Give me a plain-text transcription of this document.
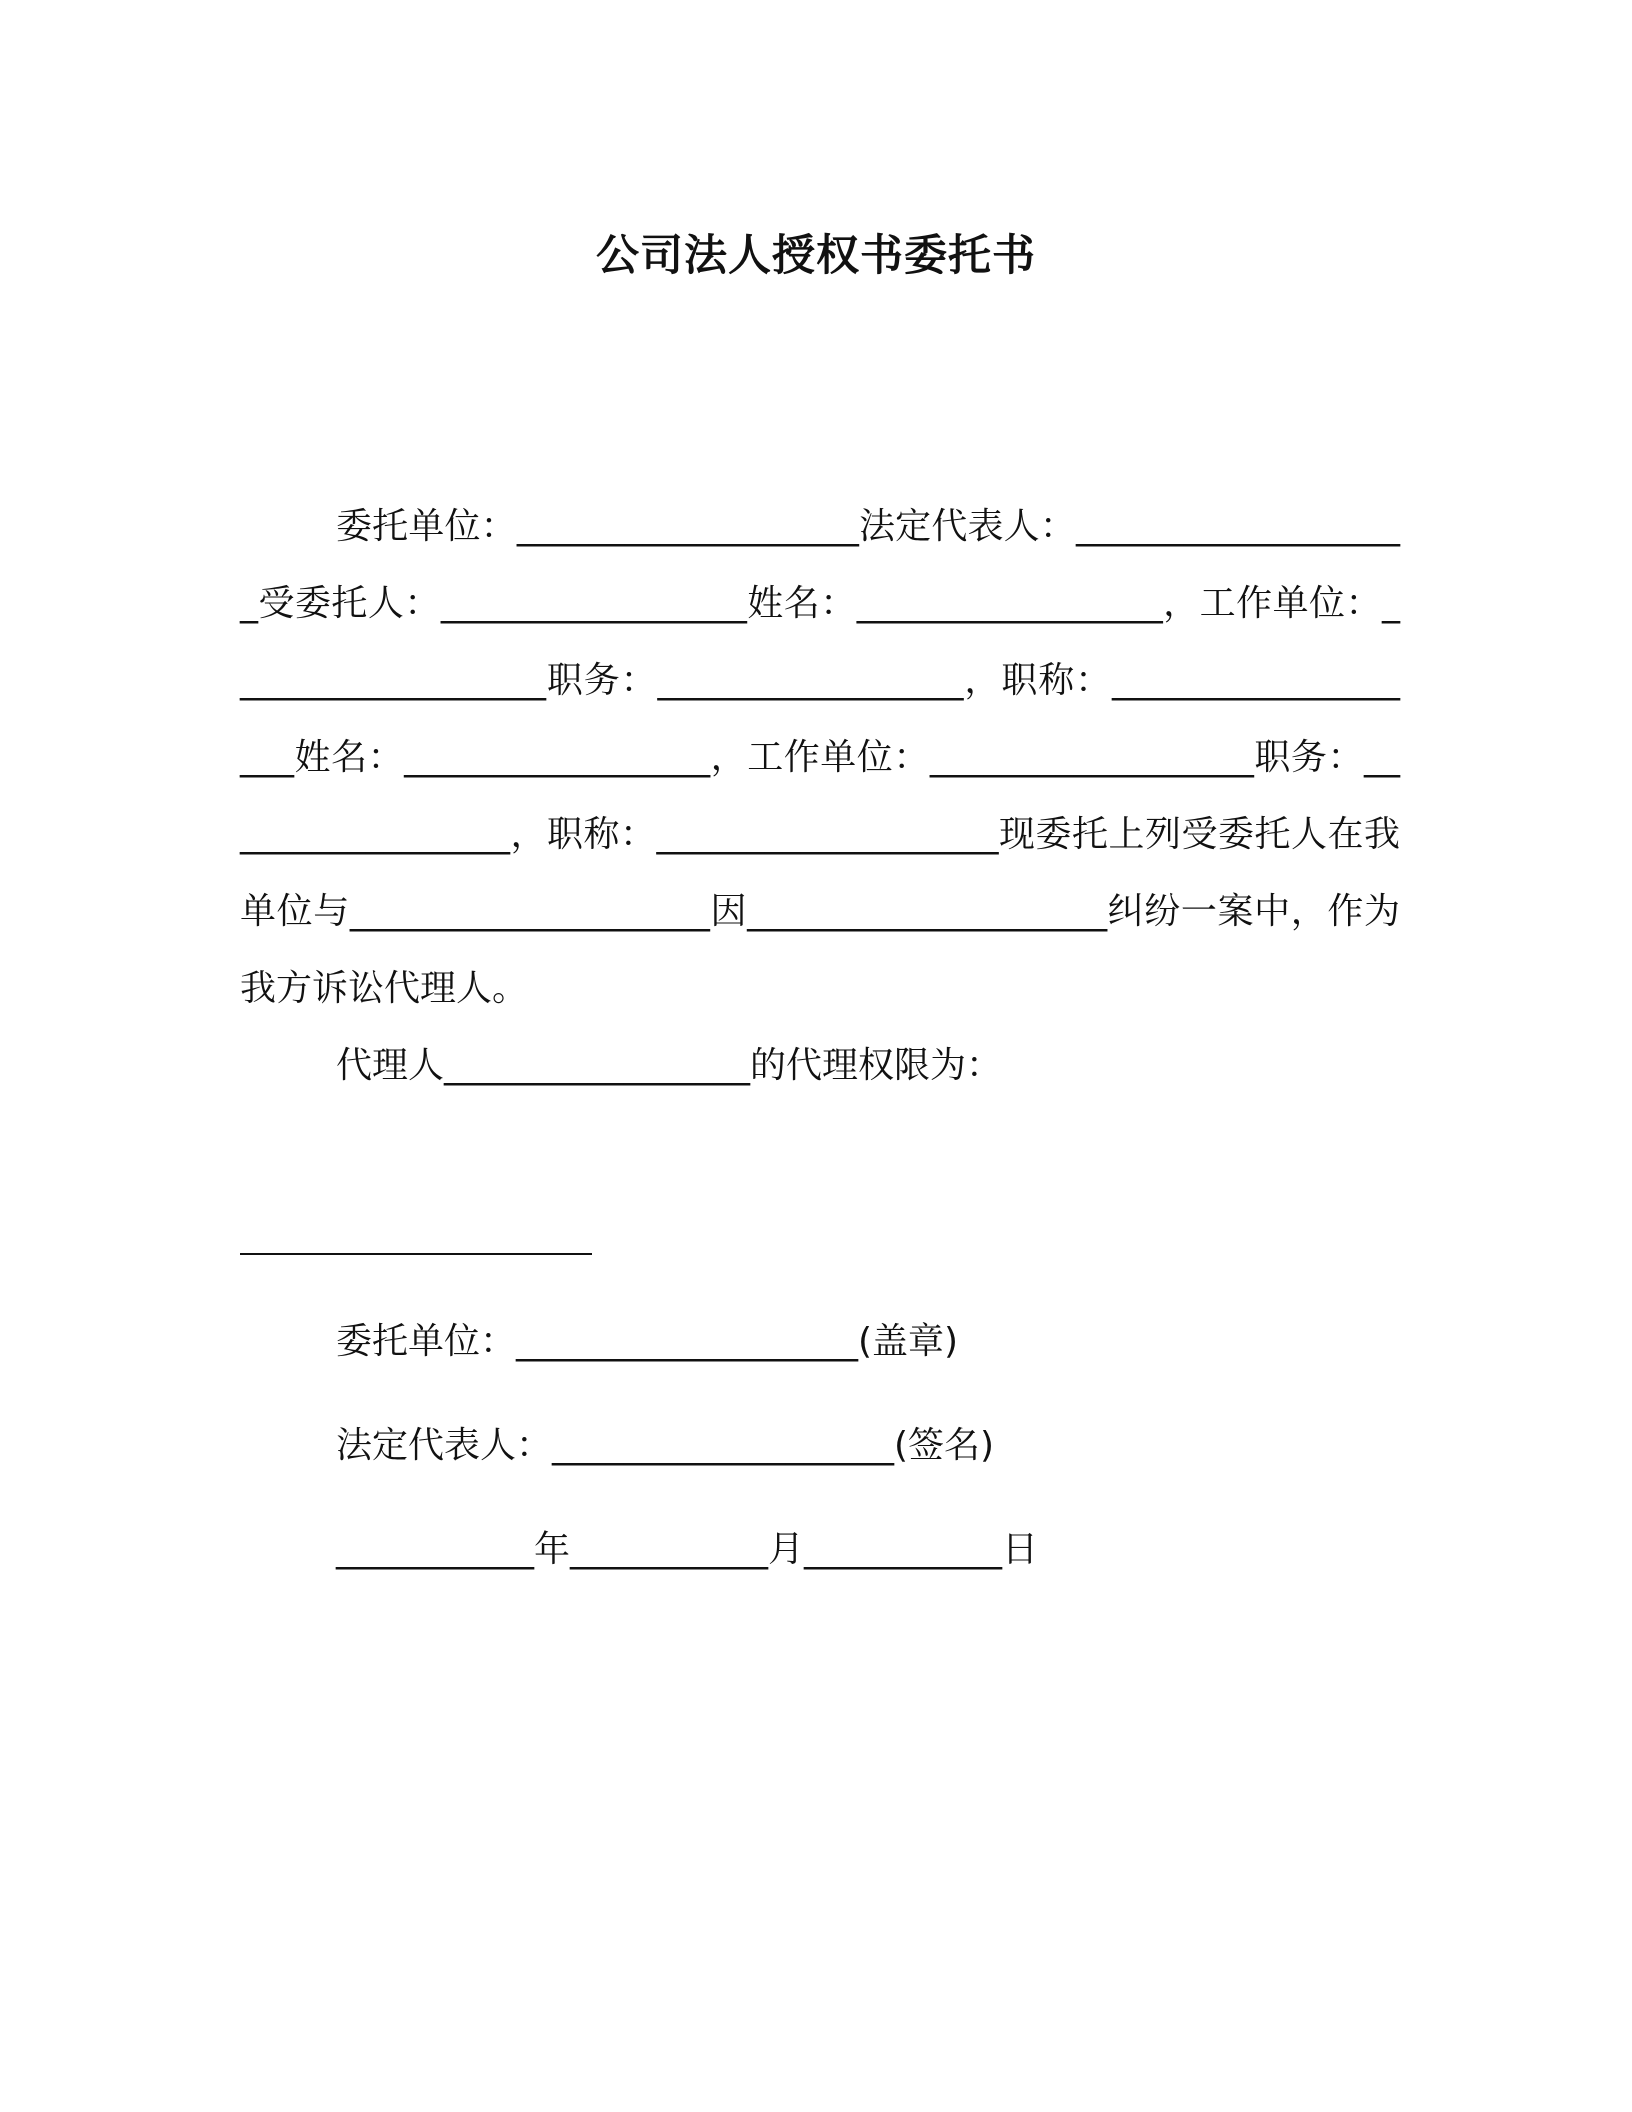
公司法人授权书委托书

委托单位：___________________法定代表人：___________________受委托人：_________________姓名：_________________，工作单位：__________________职务：_________________，职称：___________________姓名：_________________，工作单位：__________________职务：_________________，职称：___________________现委托上列受委托人在我单位与____________________因____________________纠纷一案中，作为我方诉讼代理人。

代理人_________________的代理权限为：

委托单位：___________________(盖章)
法定代表人：___________________(签名)
___________年___________月___________日
